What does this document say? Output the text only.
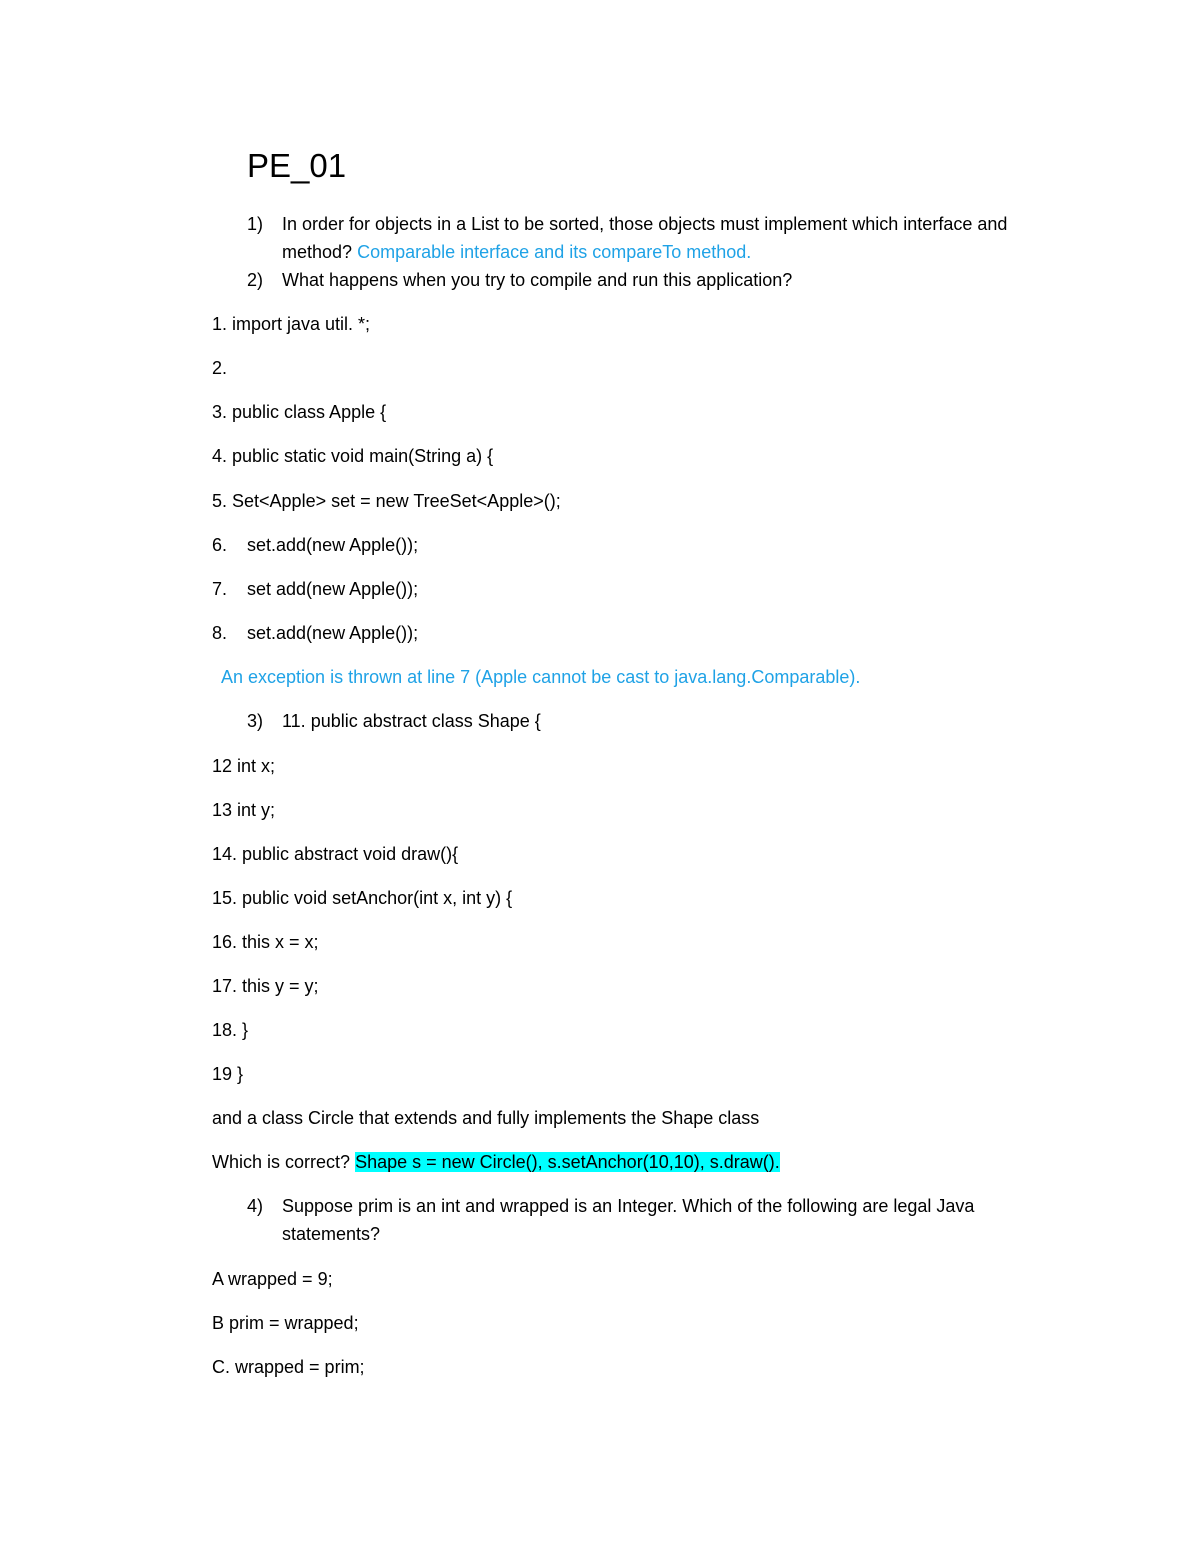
PE_01
1) In order for objects in a List to be sorted, those objects must implement which interface and method? Comparable interface and its compareTo method.
2) What happens when you try to compile and run this application?
1. import java util. *;
2.
3. public class Apple {
4. public static void main(String a) {
5. Set<Apple> set = new TreeSet<Apple>();
6.    set.add(new Apple());
7.    set add(new Apple());
8.    set.add(new Apple());
An exception is thrown at line 7 (Apple cannot be cast to java.lang.Comparable).
3) 11. public abstract class Shape {
12 int x;
13 int y;
14. public abstract void draw(){
15. public void setAnchor(int x, int y) {
16. this x = x;
17. this y = y;
18. }
19 }
and a class Circle that extends and fully implements the Shape class
Which is correct? Shape s = new Circle(), s.setAnchor(10,10), s.draw().
4) Suppose prim is an int and wrapped is an Integer. Which of the following are legal Java statements?
A wrapped = 9;
B prim = wrapped;
C. wrapped = prim;
